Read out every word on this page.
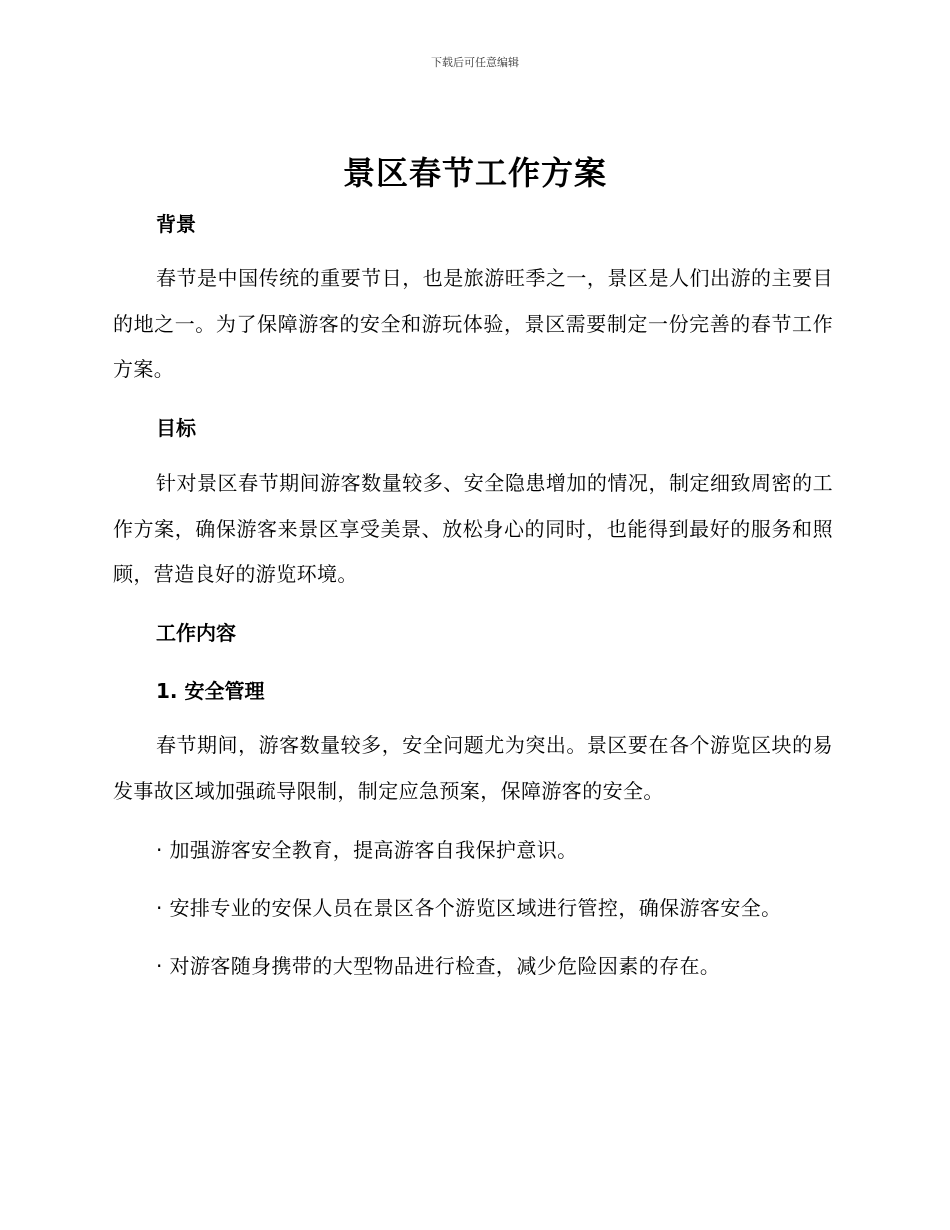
下载后可任意编辑
景区春节工作方案
背景

春节是中国传统的重要节日，也是旅游旺季之一，景区是人们出游的主要目的地之一。为了保障游客的安全和游玩体验，景区需要制定一份完善的春节工作方案。

目标

针对景区春节期间游客数量较多、安全隐患增加的情况，制定细致周密的工作方案，确保游客来景区享受美景、放松身心的同时，也能得到最好的服务和照顾，营造良好的游览环境。

工作内容
1. 安全管理

春节期间，游客数量较多，安全问题尤为突出。景区要在各个游览区块的易发事故区域加强疏导限制，制定应急预案，保障游客的安全。

· 加强游客安全教育，提高游客自我保护意识。

· 安排专业的安保人员在景区各个游览区域进行管控，确保游客安全。

· 对游客随身携带的大型物品进行检查，减少危险因素的存在。
